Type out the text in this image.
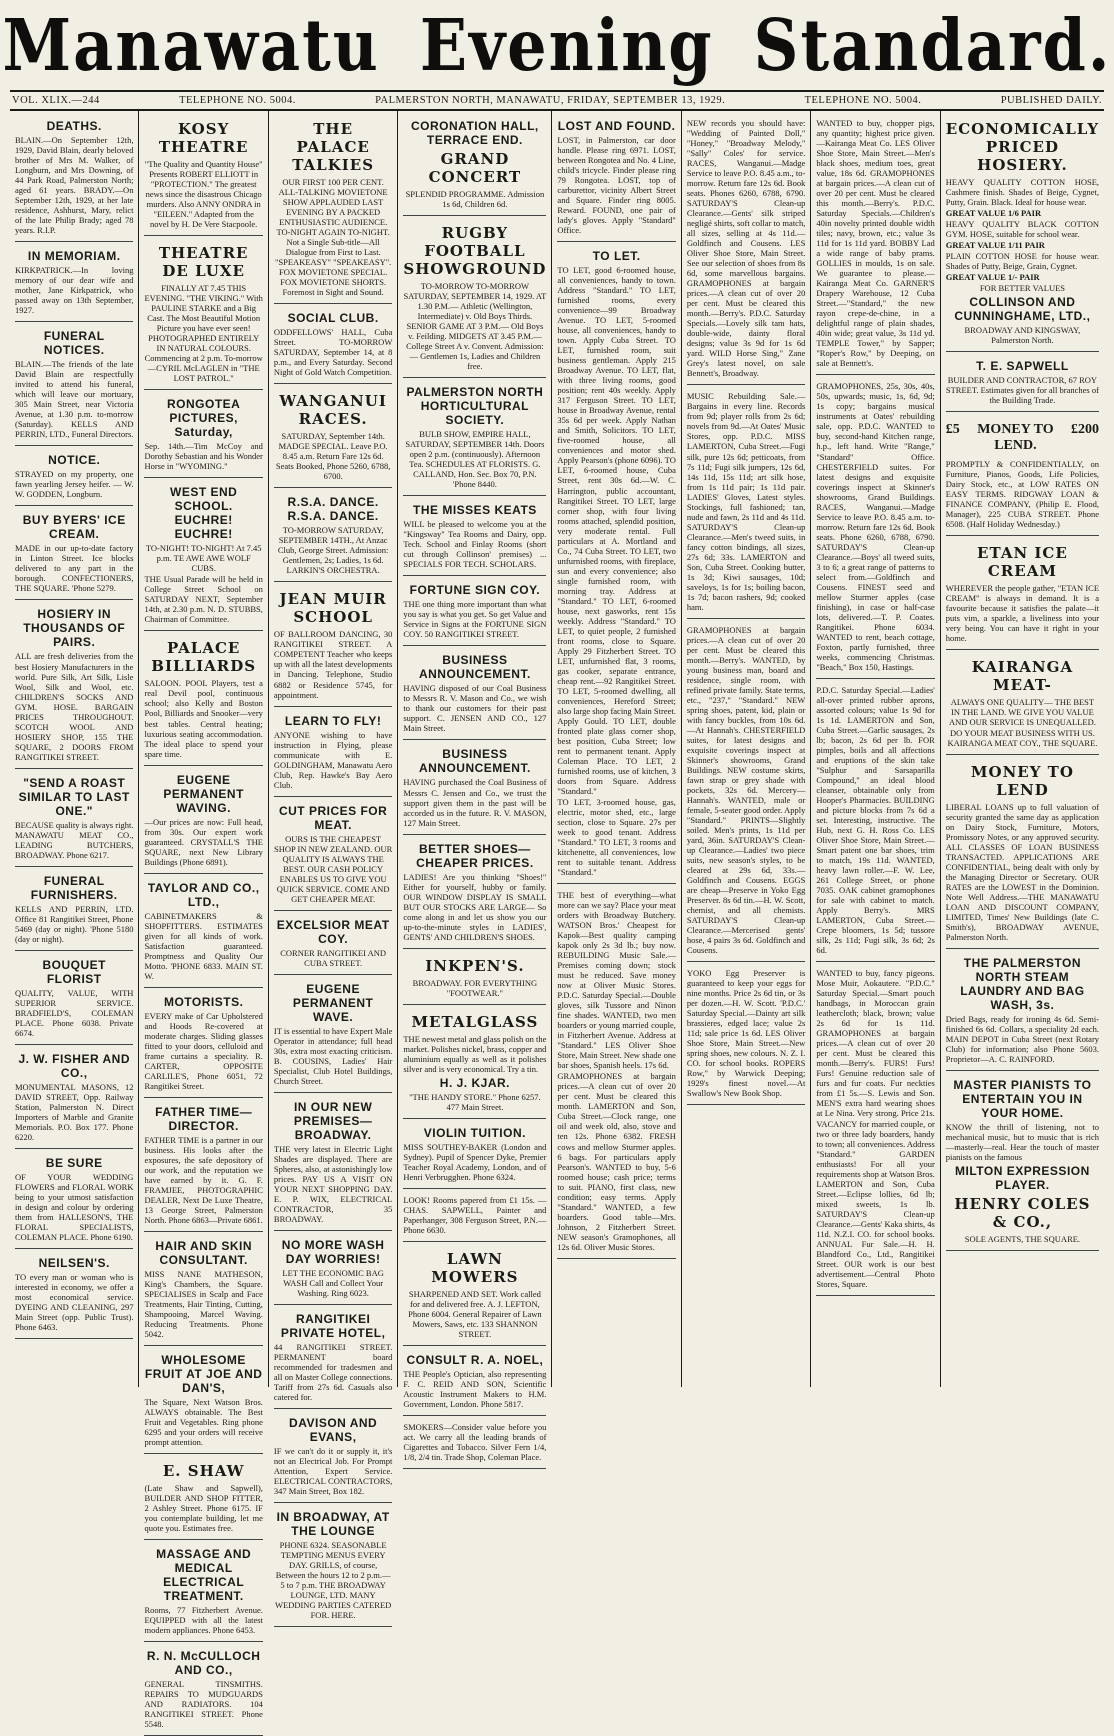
Manawatu Evening Standard.
VOL. XLIX.—244	TELEPHONE NO. 5004.	PALMERSTON NORTH, MANAWATU, FRIDAY, SEPTEMBER 13, 1929.	TELEPHONE NO. 5004.	PUBLISHED DAILY.
DEATHS.

BLAIN.—On September 12th, 1929, David Blain, dearly beloved brother of Mrs M. Walker, of Longburn, and Mrs Downing, of 44 Park Road, Palmerston North; aged 61 years. BRADY.—On September 12th, 1929, at her late residence, Ashhurst, Mary, relict of the late Philip Brady; aged 78 years. R.I.P.

IN MEMORIAM.

KIRKPATRICK.—In loving memory of our dear wife and mother, Jane Kirkpatrick, who passed away on 13th September, 1927.

FUNERAL NOTICES.

BLAIN.—The friends of the late David Blain are respectfully invited to attend his funeral, which will leave our mortuary, 305 Main Street, near Victoria Avenue, at 1.30 p.m. to-morrow (Saturday). KELLS AND PERRIN, LTD., Funeral Directors.

NOTICE.

STRAYED on my property, one fawn yearling Jersey heifer. — W. W. GODDEN, Longburn.

BUY BYERS' ICE CREAM.

MADE in our up-to-date factory in Linton Street. Ice blocks delivered to any part in the borough. CONFECTIONERS, THE SQUARE. 'Phone 5279.

HOSIERY IN THOUSANDS OF PAIRS.

ALL are fresh deliveries from the best Hosiery Manufacturers in the world. Pure Silk, Art Silk, Lisle Wool, Silk and Wool, etc. CHILDREN'S SOCKS AND GYM. HOSE. BARGAIN PRICES THROUGHOUT. SCOTCH WOOL AND HOSIERY SHOP, 155 THE SQUARE, 2 DOORS FROM RANGITIKEI STREET.

"SEND A ROAST SIMILAR TO LAST ONE."

BECAUSE quality is always right. MANAWATU MEAT CO., LEADING BUTCHERS, BROADWAY. Phone 6217.

FUNERAL FURNISHERS.

KELLS AND PERRIN, LTD. Office 81 Rangitikei Street, Phone 5469 (day or night). 'Phone 5180 (day or night).

BOUQUET FLORIST

QUALITY, VALUE, WITH SUPERIOR SERVICE. BRADFIELD'S, COLEMAN PLACE. Phone 6038. Private 6674.

J. W. FISHER AND CO.,

MONUMENTAL MASONS, 12 DAVID STREET, Opp. Railway Station, Palmerston N. Direct Importers of Marble and Granite Memorials. P.O. Box 177. Phone 6220.

BE SURE

OF YOUR WEDDING FLOWERS and FLORAL WORK being to your utmost satisfaction in design and colour by ordering them from HALLESON'S, THE FLORAL SPECIALISTS, COLEMAN PLACE. Phone 6190.

NEILSEN'S.

TO every man or woman who is interested in economy, we offer a most economical service. DYEING AND CLEANING, 297 Main Street (opp. Public Trust). Phone 6463.

KOSY THEATRE

"The Quality and Quantity House" Presents ROBERT ELLIOTT in "PROTECTION." The greatest news since the disastrous Chicago murders. Also ANNY ONDRA in "EILEEN." Adapted from the novel by H. De Vere Stacpoole.

THEATRE DE LUXE

FINALLY AT 7.45 THIS EVENING. "THE VIKING." With PAULINE STARKE and a Big Cast. The Most Beautiful Motion Picture you have ever seen! PHOTOGRAPHED ENTIRELY IN NATURAL COLOURS. Commencing at 2 p.m. To-morrow—CYRIL McLAGLEN in "THE LOST PATROL."

RONGOTEA PICTURES, Saturday,

Sep. 14th.—Tim McCoy and Dorothy Sebastian and his Wonder Horse in "WYOMING."

WEST END SCHOOL. EUCHRE! EUCHRE!

TO-NIGHT! TO-NIGHT! At 7.45 p.m. TE AWE AWE WOLF CUBS.

THE Usual Parade will be held in College Street School on SATURDAY NEXT, September 14th, at 2.30 p.m. N. D. STUBBS, Chairman of Committee.

PALACE BILLIARDS

SALOON. POOL Players, test a real Devil pool, continuous school; also Kelly and Boston Pool, Billiards and Snooker—very best tables. Central heating; luxurious seating accommodation. The ideal place to spend your spare time.

EUGENE PERMANENT WAVING.

—Our prices are now: Full head, from 30s. Our expert work guaranteed. CRYSTALL'S THE SQUARE, next New Library Buildings (Phone 6891).

TAYLOR AND CO., LTD.,

CABINETMAKERS & SHOPFITTERS. ESTIMATES given for all kinds of work. Satisfaction guaranteed. Promptness and Quality Our Motto. 'PHONE 6833. MAIN ST. W.

MOTORISTS.

EVERY make of Car Upholstered and Hoods Re-covered at moderate charges. Sliding glasses fitted to your doors, celluloid and frame curtains a speciality. R. CARTER, OPPOSITE CARLILE'S, Phone 6051, 72 Rangitikei Street.

FATHER TIME— DIRECTOR.

FATHER TIME is a partner in our business. His looks after the exposures, the safe depository of our work, and the reputation we have earned by it. G. F. FRAMJEE, PHOTOGRAPHIC DEALER, Next De Luxe Theatre, 13 George Street, Palmerston North. Phone 6863—Private 6861.

HAIR AND SKIN CONSULTANT.

MISS NANE MATHESON, King's Chambers, the Square. SPECIALISES in Scalp and Face Treatments, Hair Tinting, Cutting, Shampooing, Marcel Waving. Reducing Treatments. Phone 5042.

WHOLESOME FRUIT AT JOE AND DAN'S,

The Square, Next Watson Bros. ALWAYS obtainable. The Best Fruit and Vegetables. Ring phone 6295 and your orders will receive prompt attention.

E. SHAW

(Late Shaw and Sapwell), BUILDER AND SHOP FITTER, 2 Ashley Street. Phone 6175. IF you contemplate building, let me quote you. Estimates free.

MASSAGE AND MEDICAL ELECTRICAL TREATMENT.

Rooms, 77 Fitzherbert Avenue. EQUIPPED with all the latest modern appliances. Phone 6453.

R. N. McCULLOCH AND CO.,

GENERAL TINSMITHS. REPAIRS TO MUDGUARDS AND RADIATORS. 104 RANGITIKEI STREET. Phone 5548.

THE PALACE TALKIES

OUR FIRST 100 PER CENT. ALL-TALKING MOVIETONE SHOW APPLAUDED LAST EVENING BY A PACKED ENTHUSIASTIC AUDIENCE. TO-NIGHT AGAIN TO-NIGHT. Not a Single Sub-title—All Dialogue from First to Last. "SPEAKEASY" "SPEAKEASY". FOX MOVIETONE SPECIAL. FOX MOVIETONE SHORTS. Foremost in Sight and Sound.

SOCIAL CLUB.

ODDFELLOWS' HALL, Cuba Street. TO-MORROW SATURDAY, September 14, at 8 p.m., and Every Saturday. Second Night of Gold Watch Competition.

WANGANUI RACES.

SATURDAY, September 14th. MADGE SPECIAL. Leave P.O. 8.45 a.m. Return Fare 12s 6d. Seats Booked, Phone 5260, 6788, 6700.

R.S.A. DANCE. R.S.A. DANCE.

TO-MORROW SATURDAY, SEPTEMBER 14TH., At Anzac Club, George Street. Admission: Gentlemen, 2s; Ladies, 1s 6d. LARKIN'S ORCHESTRA.

JEAN MUIR SCHOOL

OF BALLROOM DANCING, 30 RANGITIKEI STREET. A COMPETENT Teacher who keeps up with all the latest developments in Dancing. Telephone, Studio 6882 or Residence 5745, for appointment.

LEARN TO FLY!

ANYONE wishing to have instruction in Flying, please communicate with E. GOLDINGHAM, Manawatu Aero Club, Rep. Hawke's Bay Aero Club.

CUT PRICES FOR MEAT.

OURS IS THE CHEAPEST SHOP IN NEW ZEALAND. OUR QUALITY IS ALWAYS THE BEST. OUR CASH POLICY ENABLES US TO GIVE YOU QUICK SERVICE. COME AND GET CHEAPER MEAT.

EXCELSIOR MEAT COY.

CORNER RANGITIKEI AND CUBA STREET.

EUGENE PERMANENT WAVE.

IT is essential to have Expert Male Operator in attendance; full head 30s, extra most exacting criticism. B. COUSINS, Ladies' Hair Specialist, Club Hotel Buildings, Church Street.

IN OUR NEW PREMISES— BROADWAY.

THE very latest in Electric Light Shades are displayed. There are Spheres, also, at astonishingly low prices. PAY US A VISIT ON YOUR NEXT SHOPPING DAY. E. P. WIX, ELECTRICAL CONTRACTOR, 35 BROADWAY.

NO MORE WASH DAY WORRIES!

LET THE ECONOMIC BAG WASH Call and Collect Your Washing. Ring 6023.

RANGITIKEI PRIVATE HOTEL,

44 RANGITIKEI STREET. PERMANENT board recommended for tradesmen and all on Master College connections. Tariff from 27s 6d. Casuals also catered for.

DAVISON AND EVANS,

IF we can't do it or supply it, it's not an Electrical Job. For Prompt Attention, Expert Service. ELECTRICAL CONTRACTORS, 347 Main Street, Box 182.

IN BROADWAY, AT THE LOUNGE

PHONE 6324. SEASONABLE TEMPTING MENUS EVERY DAY. GRILLS, of course, Between the hours 12 to 2 p.m.— 5 to 7 p.m. THE BROADWAY LOUNGE, LTD. MANY WEDDING PARTIES CATERED FOR. HERE.

CORONATION HALL, TERRACE END.
GRAND CONCERT

SPLENDID PROGRAMME. Admission 1s 6d, Children 6d.

RUGBY FOOTBALL SHOWGROUND

TO-MORROW TO-MORROW SATURDAY, SEPTEMBER 14, 1929. AT 1.30 P.M.— Athletic (Wellington, Intermediate) v. Old Boys Thirds. SENIOR GAME AT 3 P.M.— Old Boys v. Feilding. MIDGETS AT 3.45 P.M.— College Street A v. Convent. Admission:— Gentlemen 1s, Ladies and Children free.

PALMERSTON NORTH HORTICULTURAL SOCIETY.

BULB SHOW, EMPIRE HALL, SATURDAY, SEPTEMBER 14th. Doors open 2 p.m. (continuously). Afternoon Tea. SCHEDULES AT FLORISTS. G. CALLAND, Hon. Sec. Box 70, P.N. 'Phone 8440.

THE MISSES KEATS

WILL be pleased to welcome you at the "Kingsway" Tea Rooms and Dairy, opp. Tech. School and Finlay Rooms (short cut through Collinson' premises) ... SPECIALS FOR TECH. SCHOLARS.

FORTUNE SIGN COY.

THE one thing more important than what you say is what you get. So get Value and Service in Signs at the FORTUNE SIGN COY. 50 RANGITIKEI STREET.

BUSINESS ANNOUNCEMENT.

HAVING disposed of our Coal Business to Messrs R. V. Mason and Co., we wish to thank our customers for their past support. C. JENSEN AND CO., 127 Main Street.

BUSINESS ANNOUNCEMENT.

HAVING purchased the Coal Business of Messrs C. Jensen and Co., we trust the support given them in the past will be accorded us in the future. R. V. MASON, 127 Main Street.

BETTER SHOES— CHEAPER PRICES.

LADIES! Are you thinking "Shoes!" Either for yourself, hubby or family. OUR WINDOW DISPLAY IS SMALL BUT OUR STOCKS ARE LARGE— So come along in and let us show you our up-to-the-minute styles in LADIES', GENTS' AND CHILDREN'S SHOES.

INKPEN'S.

BROADWAY. FOR EVERYTHING "FOOTWEAR."

METALGLASS

THE newest metal and glass polish on the market. Polishes nickel, brass, copper and aluminium equally as well as it polishes silver and is very economical. Try a tin.

H. J. KJAR.

"THE HANDY STORE." Phone 6257. 477 Main Street.

VIOLIN TUITION.

MISS SOUTHEY-BAKER (London and Sydney). Pupil of Spencer Dyke, Premier Teacher Royal Academy, London, and of Henri Verbrugghen. Phone 6324.

LOOK! Rooms papered from £1 15s. —CHAS. SAPWELL, Painter and Paperhanger, 308 Ferguson Street, P.N.—Phone 6630.

LAWN MOWERS

SHARPENED AND SET. Work called for and delivered free. A. J. LEFTON, Phone 6004. General Repairer of Lawn Mowers, Saws, etc. 133 SHANNON STREET.

CONSULT R. A. NOEL,

THE People's Optician, also representing F. C. REID AND SON, Scientific Acoustic Instrument Makers to H.M. Government, London. Phone 5817.

SMOKERS—Consider value before you act. We carry all the leading brands of Cigarettes and Tobacco. Silver Fern 1/4, 1/8, 2/4 tin. Trade Shop, Coleman Place.

LOST AND FOUND.

LOST, in Palmerston, car door handle. Please ring 6971. LOST, between Rongotea and No. 4 Line, child's tricycle. Finder please ring 79 Rongotea. LOST, top of carburettor, vicinity Albert Street and Square. Finder ring 8005. Reward. FOUND, one pair of lady's gloves. Apply "Standard" Office.

TO LET.

TO LET, good 6-roomed house, all conveniences, handy to town. Address "Standard." TO LET, furnished rooms, every convenience—99 Broadway Avenue. TO LET, 5-roomed house, all conveniences, handy to town. Apply Cuba Street. TO LET, furnished room, suit business gentleman. Apply 215 Broadway Avenue. TO LET, flat, with three living rooms, good position; rent 40s weekly. Apply 317 Ferguson Street. TO LET, house in Broadway Avenue, rental 35s 6d per week. Apply Nathan and Smith, Solicitors. TO LET, five-roomed house, all conveniences and motor shed. Apply Pearson's (phone 6096). TO LET, 6-roomed house, Cuba Street, rent 30s 6d.—W. C. Harrington, public accountant, Rangitikei Street. TO LET, large corner shop, with four living rooms attached, splendid position, very moderate rental. Full particulars at A. Mortland and Co., 74 Cuba Street. TO LET, two unfurnished rooms, with fireplace, sun and every convenience; also single furnished room, with morning tray. Address at "Standard." TO LET, 6-roomed house, next gasworks, rent 15s weekly. Address "Standard." TO LET, to quiet people, 2 furnished front rooms, close to Square. Apply 29 Fitzherbert Street. TO LET, unfurnished flat, 3 rooms, gas cooker, separate entrance, cheap rent.—92 Rangitikei Street. TO LET, 5-roomed dwelling, all conveniences, Hereford Street; also large shop facing Main Street. Apply Gould. TO LET, double fronted plate glass corner shop, best position, Cuba Street; low rent to permanent tenant. Apply Coleman Place. TO LET, 2 furnished rooms, use of kitchen, 3 doors from Square. Address "Standard."

TO LET, 3-roomed house, gas, electric, motor shed, etc., large section, close to Square. 27s per week to good tenant. Address "Standard." TO LET, 3 rooms and kitchenette, all conveniences, low rent to suitable tenant. Address "Standard."

THE best of everything—what more can we say? Place your meat orders with Broadway Butchery. WATSON Bros.' Cheapest for Kapok—Best quality camping kapok only 2s 3d lb.; buy now. REBUILDING Music Sale.—Premises coming down; stock must be reduced. Save money now at Oliver Music Stores. P.D.C. Saturday Special.—Double gloves, silk Tussore and Ninon fine shades. WANTED, two men boarders or young married couple, in Fitzherbert Avenue. Address at "Standard." LES Oliver Shoe Store, Main Street. New shade one bar shoes, Spanish heels. 17s 6d.

GRAMOPHONES at bargain prices.—A clean cut of over 20 per cent. Must be cleared this month. LAMERTON and Son, Cuba Street.—Clock range, one oil and week old, also, stove and ten 12s. Phone 6382. FRESH cows and mellow Sturmer apples. 6 bags. For particulars apply Pearson's. WANTED to buy, 5-6 roomed house; cash price; terms to suit. PIANO, first class, new condition; easy terms. Apply "Standard." WANTED, a few boarders. Good table—Mrs. Johnson, 2 Fitzherbert Street. NEW season's Gramophones, all 12s 6d. Oliver Music Stores.

NEW records you should have: "Wedding of Painted Doll," "Honey," "Broadway Melody," "Sally" Coles' for service. RACES, Wanganui.—Madge Service to leave P.O. 8.45 a.m., to-morrow. Return fare 12s 6d. Book seats. Phones 6260, 6788, 6790. SATURDAY'S Clean-up Clearance.—Gents' silk striped negligé shirts, soft collar to match, all sizes, selling at 4s 11d.—Goldfinch and Cousens. LES Oliver Shoe Store, Main Street. See our selection of shoes from 8s 6d, some marvellous bargains. GRAMOPHONES at bargain prices.—A clean cut of over 20 per cent. Must be cleared this month.—Berry's. P.D.C. Saturday Specials.—Lovely silk tam hats, double-wide, dainty floral designs; value 3s 9d for 1s 6d yard. WILD Horse Sing," Zane Grey's latest novel, on sale Bennett's, Broadway.

MUSIC Rebuilding Sale.—Bargains in every line. Records from 9d; player rolls from 2s 6d; novels from 9d.—At Oates' Music Stores, opp. P.D.C. MISS LAMERTON, Cuba Street.—Fugi silk, pure 12s 6d; petticoats, from 7s 11d; Fugi silk jumpers, 12s 6d, 14s 11d, 15s 11d; art silk hose, from 1s 11d pair; 1s 11d pair. LADIES' Gloves, Latest styles. Stockings, full fashioned; tan, nude and fawn, 2s 11d and 4s 11d. SATURDAY'S Clean-up Clearance.—Men's tweed suits, in fancy cotton bindings, all sizes, 27s 6d; 33s. LAMERTON and Son, Cuba Street. Cooking butter, 1s 3d; Kiwi sausages, 10d; saveloys, 1s for 1s; boiling bacon, 1s 7d; bacon rashers, 9d; cooked ham.

GRAMOPHONES at bargain prices.—A clean cut of over 20 per cent. Must be cleared this month.—Berry's. WANTED, by young business man, board and residence, single room, with refined private family. State terms, etc., "237," "Standard." NEW spring shoes, patent, kid, plain or with fancy buckles, from 10s 6d. —At Hannah's. CHESTERFIELD suites, for latest designs and exquisite coverings inspect at Skinner's showrooms, Grand Buildings. NEW costume skirts, fawn strap or grey shade with pockets, 32s 6d. Mercery—Hannah's. WANTED, male or female, 5-seater good order. Apply "Standard." PRINTS—Slightly soiled. Men's prints, 1s 11d per yard, 36in. SATURDAY'S Clean-up Clearance.—Ladies' two piece suits, new season's styles, to be cleared at 29s 6d, 33s.—Goldfinch and Cousens. EGGS are cheap—Preserve in Yoko Egg Preserver. 8s 6d tin.—H. W. Scott, chemist, and all chemists. SATURDAY'S Clean-up Clearance.—Mercerised gents' hose, 4 pairs 3s 6d. Goldfinch and Cousens.

YOKO Egg Preserver is guaranteed to keep your eggs for nine months. Price 2s 6d tin, or 3s per dozen.—H. W. Scott. 'P.D.C.' Saturday Special.—Dainty art silk brassieres, edged lace; value 2s 11d; sale price 1s 6d. LES Oliver Shoe Store, Main Street.—New spring shoes, new colours. N. Z. I. CO. for school books. ROPERS Row," by Warwick Deeping; 1929's finest novel.—At Swallow's New Book Shop.

WANTED to buy, chopper pigs, any quantity; highest price given.—Kairanga Meat Co. LES Oliver Shoe Store, Main Street.—Men's black shoes, medium toes, great value, 18s 6d. GRAMOPHONES at bargain prices.—A clean cut of over 20 per cent. Must be cleared this month.—Berry's. P.D.C. Saturday Specials.—Children's 40in novelty printed double width tiles; navy, brown, etc.; value 3s 11d for 1s 11d yard. BOBBY Lad a wide range of baby prams. GOLLIES in moulds, 1s on sale. We guarantee to please.—Kairanga Meat Co. GARNER'S Drapery Warehouse, 12 Cuba Street.—"Standard," the new rayon crepe-de-chine, in a delightful range of plain shades, 40in wide; great value, 3s 11d yd. TEMPLE Tower," by Sapper; "Roper's Row," by Deeping, on sale at Bennett's.

GRAMOPHONES, 25s, 30s, 40s, 50s, upwards; music, 1s, 6d, 9d; 1s copy; bargains musical instruments at Oates' rebuilding sale, opp. P.D.C. WANTED to buy, second-hand Kitchen range, h.p., left hand. Write "Range," "Standard" Office. CHESTERFIELD suites. For latest designs and exquisite coverings inspect at Skinner's showrooms, Grand Buildings. RACES, Wanganui.—Madge Service to leave P.O. 8.45 a.m. to-morrow. Return fare 12s 6d. Book seats. Phone 6260, 6788, 6790. SATURDAY'S Clean-up Clearance.—Boys' all tweed suits, 3 to 6; a great range of patterns to select from.—Goldfinch and Cousens. FINEST seed and mellow Sturmer apples (case finishing), in case or half-case lots, delivered.—T. P. Coates. Rangitikei. Phone 6034. WANTED to rent, beach cottage, Foxton, partly furnished, three weeks, commencing Christmas. "Beach," Box 150, Hastings.

P.D.C. Saturday Special.—Ladies' all-over printed rubber aprons, assorted colours; value 1s 9d for 1s 1d. LAMERTON and Son, Cuba Street.—Garlic sausages, 2s lb; bacon, 2s 6d per lb. FOR pimples, boils and all affections and eruptions of the skin take "Sulphur and Sarsaparilla Compound," an ideal blood cleanser, obtainable only from Hooper's Pharmacies. BUILDING and picture blocks from 7s 6d a set. Interesting, instructive. The Hub, next G. H. Ross Co. LES Oliver Shoe Store, Main Street.—Smart patent one bar shoes, trim to match, 19s 11d. WANTED, heavy lawn roller.—F. W. Lee, 261 College Street, or phone 7035. OAK cabinet gramophones for sale with cabinet to match. Apply Berry's. MRS LAMERTON, Cuba Street.—Crepe bloomers, 1s 5d; tussore silk, 2s 11d; Fugi silk, 3s 6d; 2s 6d.

WANTED to buy, fancy pigeons. Mose Muir, Aokautere. "P.D.C." Saturday Special.—Smart pouch handbags, in Moroccan grain leathercloth; black, brown; value 2s 6d for 1s 11d. GRAMOPHONES at bargain prices.—A clean cut of over 20 per cent. Must be cleared this month.—Berry's. FURS! Furs! Furs! Genuine reduction sale of furs and fur coats. Fur neckties from £1 5s.—S. Lewis and Son. MEN'S extra hard wearing shoes at Le Nina. Very strong. Price 21s. VACANCY for married couple, or two or three lady boarders, handy to town; all conveniences. Address "Standard." GARDEN enthusiasts! For all your requirements shop at Watson Bros. LAMERTON and Son, Cuba Street.—Eclipse lollies, 6d lb; mixed sweets, 1s lb. SATURDAY'S Clean-up Clearance.—Gents' Kaka shirts, 4s 11d. N.Z.I. CO. for school books. ANNUAL Fur Sale.—H. H. Blandford Co., Ltd., Rangitikei Street. OUR work is our best advertisement.—Central Photo Stores, Square.

ECONOMICALLY PRICED HOSIERY.

HEAVY QUALITY COTTON HOSE, Cashmere finish. Shades of Beige, Cygnet, Putty, Grain. Black. Ideal for house wear.

GREAT VALUE 1/6 PAIR

HEAVY QUALITY BLACK COTTON GYM. HOSE, suitable for school wear.

GREAT VALUE 1/11 PAIR

PLAIN COTTON HOSE for house wear. Shades of Putty, Beige, Grain, Cygnet.

GREAT VALUE 1/- PAIR

FOR BETTER VALUES

COLLINSON AND CUNNINGHAME, LTD.,

BROADWAY AND KINGSWAY, Palmerston North.

T. E. SAPWELL

BUILDER AND CONTRACTOR, 67 ROY STREET. Estimates given for all branches of the Building Trade.

£5	MONEY TO LEND.
£200

PROMPTLY & CONFIDENTIALLY, on Furniture, Pianos, Goods, Life Policies, Dairy Stock, etc., at LOW RATES ON EASY TERMS. RIDGWAY LOAN & FINANCE COMPANY, (Philip E. Flood, Manager), 225 CUBA STREET. Phone 6508. (Half Holiday Wednesday.)

ETAN ICE CREAM

WHEREVER the people gather, "ETAN ICE CREAM" is always in demand. It is a favourite because it satisfies the palate—it puts vim, a sparkle, a liveliness into your very being. You can have it right in your home.

KAIRANGA MEAT-

ALWAYS ONE QUALITY— THE BEST IN THE LAND. WE GIVE YOU VALUE AND OUR SERVICE IS UNEQUALLED. DO YOUR MEAT BUSINESS WITH US. KAIRANGA MEAT COY., THE SQUARE.

MONEY TO LEND

LIBERAL LOANS up to full valuation of security granted the same day as application on Dairy Stock, Furniture, Motors, Promissory Notes, or any approved security. ALL CLASSES OF LOAN BUSINESS TRANSACTED. APPLICATIONS ARE CONFIDENTIAL, being dealt with only by the Managing Director or Secretary. OUR RATES are the LOWEST in the Dominion. Note Well Address.—THE MANAWATU LOAN AND DISCOUNT COMPANY, LIMITED, Times' New Buildings (late C. Smith's), BROADWAY AVENUE, Palmerston North.

THE PALMERSTON NORTH STEAM LAUNDRY AND BAG WASH, 3s.

Dried Bags, ready for ironing 4s 6d. Semi-finished 6s 6d. Collars, a speciality 2d each. MAIN DEPOT in Cuba Street (next Rotary Club) for information; also Phone 5603. Proprietor—A. C. RAINFORD.

MASTER PIANISTS TO ENTERTAIN YOU IN YOUR HOME.

KNOW the thrill of listening, not to mechanical music, but to music that is rich—masterly—real. Hear the touch of master pianists on the famous

MILTON EXPRESSION PLAYER.
HENRY COLES & CO.,

SOLE AGENTS, THE SQUARE.
